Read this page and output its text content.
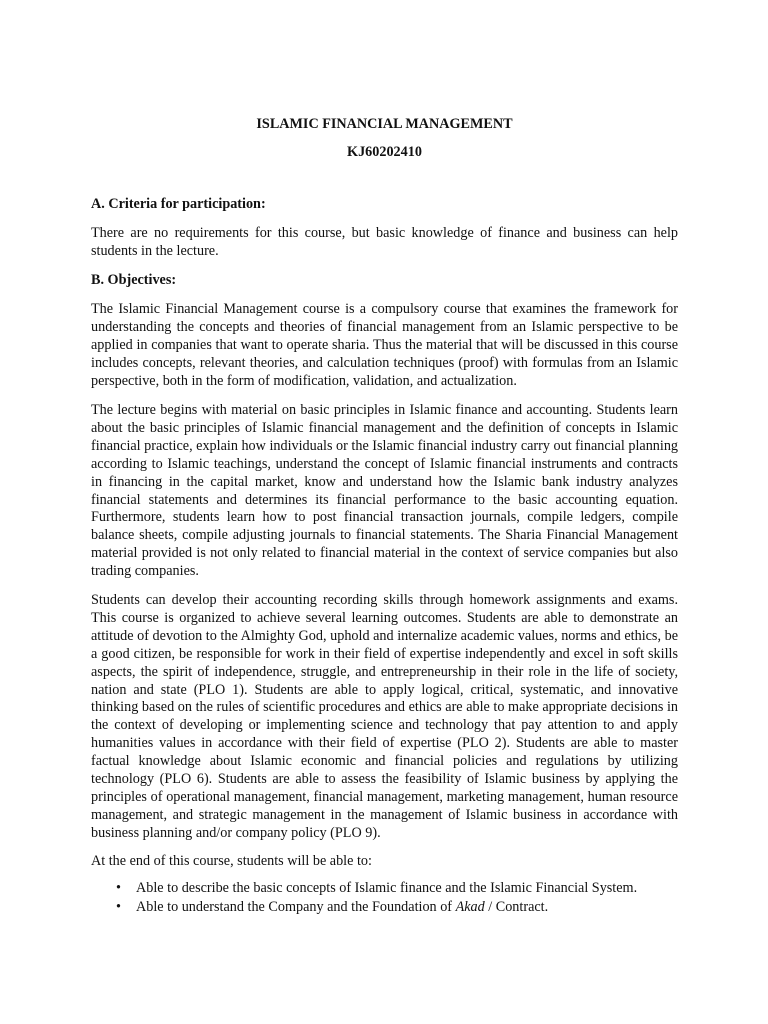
ISLAMIC FINANCIAL MANAGEMENT

KJ60202410

A. Criteria for participation:

There are no requirements for this course, but basic knowledge of finance and business can help students in the lecture.

B. Objectives:

The Islamic Financial Management course is a compulsory course that examines the framework for understanding the concepts and theories of financial management from an Islamic perspective to be applied in companies that want to operate sharia. Thus the material that will be discussed in this course includes concepts, relevant theories, and calculation techniques (proof) with formulas from an Islamic perspective, both in the form of modification, validation, and actualization.

The lecture begins with material on basic principles in Islamic finance and accounting. Students learn about the basic principles of Islamic financial management and the definition of concepts in Islamic financial practice, explain how individuals or the Islamic financial industry carry out financial planning according to Islamic teachings, understand the concept of Islamic financial instruments and contracts in financing in the capital market, know and understand how the Islamic bank industry analyzes financial statements and determines its financial performance to the basic accounting equation. Furthermore, students learn how to post financial transaction journals, compile ledgers, compile balance sheets, compile adjusting journals to financial statements. The Sharia Financial Management material provided is not only related to financial material in the context of service companies but also trading companies.

Students can develop their accounting recording skills through homework assignments and exams. This course is organized to achieve several learning outcomes. Students are able to demonstrate an attitude of devotion to the Almighty God, uphold and internalize academic values, norms and ethics, be a good citizen, be responsible for work in their field of expertise independently and excel in soft skills aspects, the spirit of independence, struggle, and entrepreneurship in their role in the life of society, nation and state (PLO 1). Students are able to apply logical, critical, systematic, and innovative thinking based on the rules of scientific procedures and ethics are able to make appropriate decisions in the context of developing or implementing science and technology that pay attention to and apply humanities values in accordance with their field of expertise (PLO 2). Students are able to master factual knowledge about Islamic economic and financial policies and regulations by utilizing technology (PLO 6). Students are able to assess the feasibility of Islamic business by applying the principles of operational management, financial management, marketing management, human resource management, and strategic management in the management of Islamic business in accordance with business planning and/or company policy (PLO 9).

At the end of this course, students will be able to:

• Able to describe the basic concepts of Islamic finance and the Islamic Financial System.
• Able to understand the Company and the Foundation of Akad / Contract.
